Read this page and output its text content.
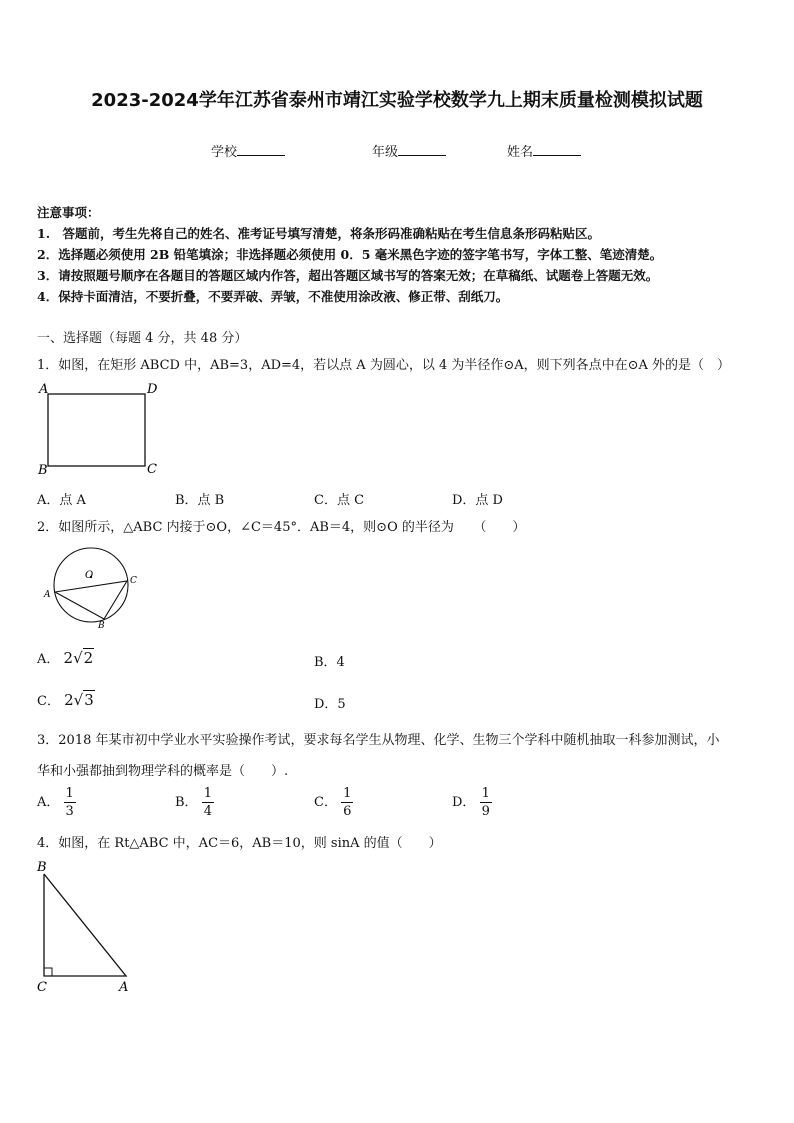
2023-2024学年江苏省泰州市靖江实验学校数学九上期末质量检测模拟试题
学校	年级	姓名
注意事项：
1.　答题前，考生先将自己的姓名、准考证号填写清楚，将条形码准确粘贴在考生信息条形码粘贴区。
2．选择题必须使用 2B 铅笔填涂；非选择题必须使用 0．5 毫米黑色字迹的签字笔书写，字体工整、笔迹清楚。
3．请按照题号顺序在各题目的答题区域内作答，超出答题区域书写的答案无效；在草稿纸、试题卷上答题无效。
4．保持卡面清洁，不要折叠，不要弄破、弄皱，不准使用涂改液、修正带、刮纸刀。
一、选择题（每题 4 分，共 48 分）
1．如图，在矩形 ABCD 中，AB=3，AD=4，若以点 A 为圆心，以 4 为半径作⊙A，则下列各点中在⊙A 外的是（　）
A	D
B	C
A．点 A	B．点 B	C．点 C	D．点 D
2．如图所示，△ABC 内接于⊙O，∠C＝45°．AB＝4，则⊙O 的半径为　　（　　）
O	C
A
B
A． 2√2	B．4
C． 2√3	D．5
3．2018 年某市初中学业水平实验操作考试，要求每名学生从物理、化学、生物三个学科中随机抽取一科参加测试，小
华和小强都抽到物理学科的概率是（　　）.
A． $\frac{1}{3}$	B． $\frac{1}{4}$	C． $\frac{1}{6}$	D． $\frac{1}{9}$
4．如图，在 Rt△ABC 中，AC＝6，AB＝10，则 sinA 的值（　　）
B
C	A
